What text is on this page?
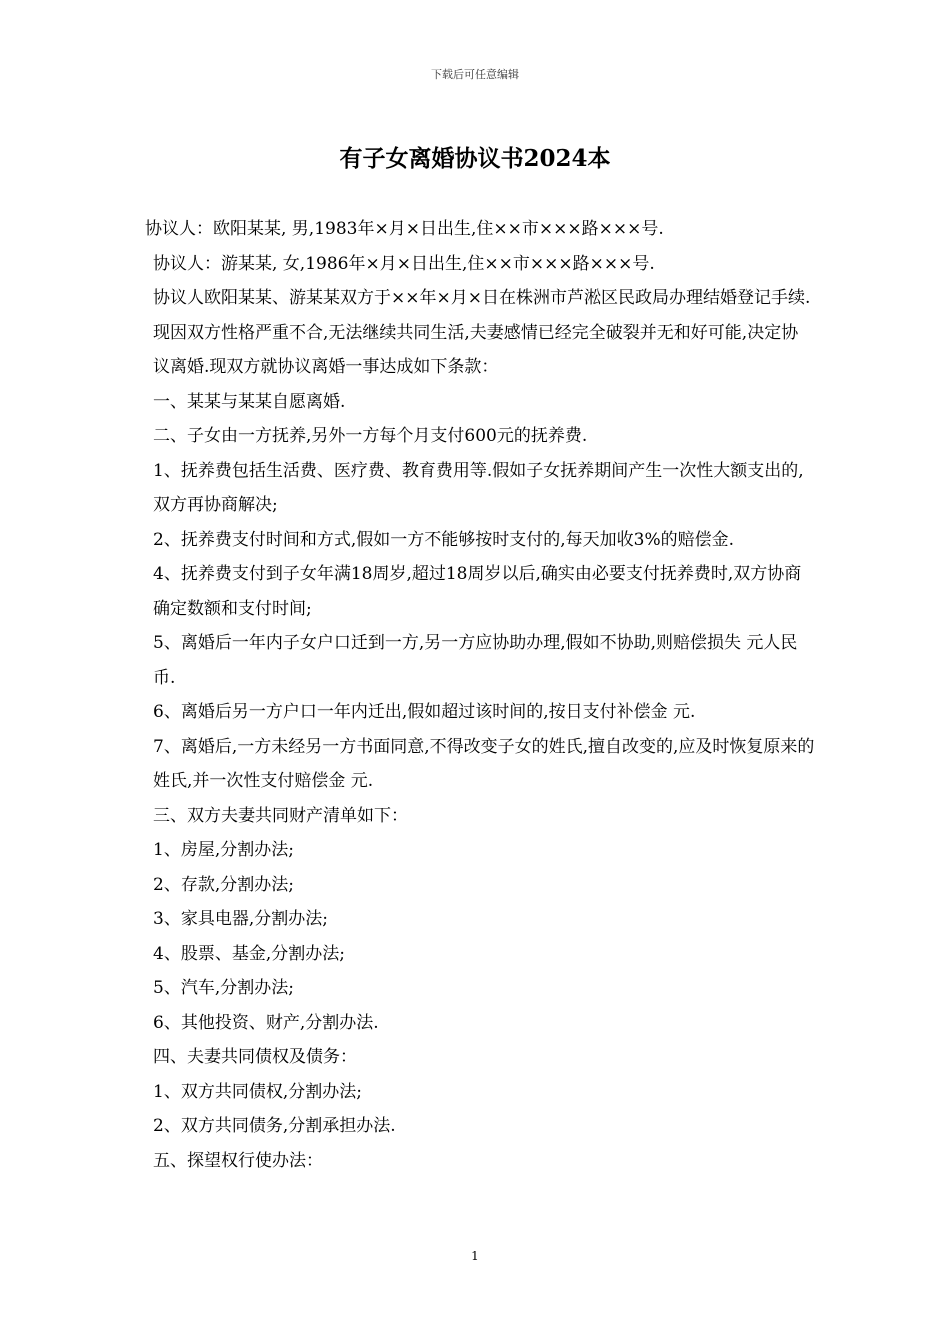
下载后可任意编辑
有子女离婚协议书2024本

协议人：欧阳某某, 男,1983年×月×日出生,住××市×××路×××号.

协议人：游某某, 女,1986年×月×日出生,住××市×××路×××号.

协议人欧阳某某、游某某双方于××年×月×日在株洲市芦淞区民政局办理结婚登记手续.现因双方性格严重不合,无法继续共同生活,夫妻感情已经完全破裂并无和好可能,决定协议离婚.现双方就协议离婚一事达成如下条款：

一、某某与某某自愿离婚.

二、子女由一方抚养,另外一方每个月支付600元的抚养费.

1、抚养费包括生活费、医疗费、教育费用等.假如子女抚养期间产生一次性大额支出的,双方再协商解决;

2、抚养费支付时间和方式,假如一方不能够按时支付的,每天加收3%的赔偿金.

4、抚养费支付到子女年满18周岁,超过18周岁以后,确实由必要支付抚养费时,双方协商确定数额和支付时间;

5、离婚后一年内子女户口迁到一方,另一方应协助办理,假如不协助,则赔偿损失 元人民币.

6、离婚后另一方户口一年内迁出,假如超过该时间的,按日支付补偿金 元.

7、离婚后,一方未经另一方书面同意,不得改变子女的姓氏,擅自改变的,应及时恢复原来的姓氏,并一次性支付赔偿金 元.

三、双方夫妻共同财产清单如下：

1、房屋,分割办法;

2、存款,分割办法;

3、家具电器,分割办法;

4、股票、基金,分割办法;

5、汽车,分割办法;

6、其他投资、财产,分割办法.

四、夫妻共同债权及债务：

1、双方共同债权,分割办法;

2、双方共同债务,分割承担办法.

五、探望权行使办法：

1
